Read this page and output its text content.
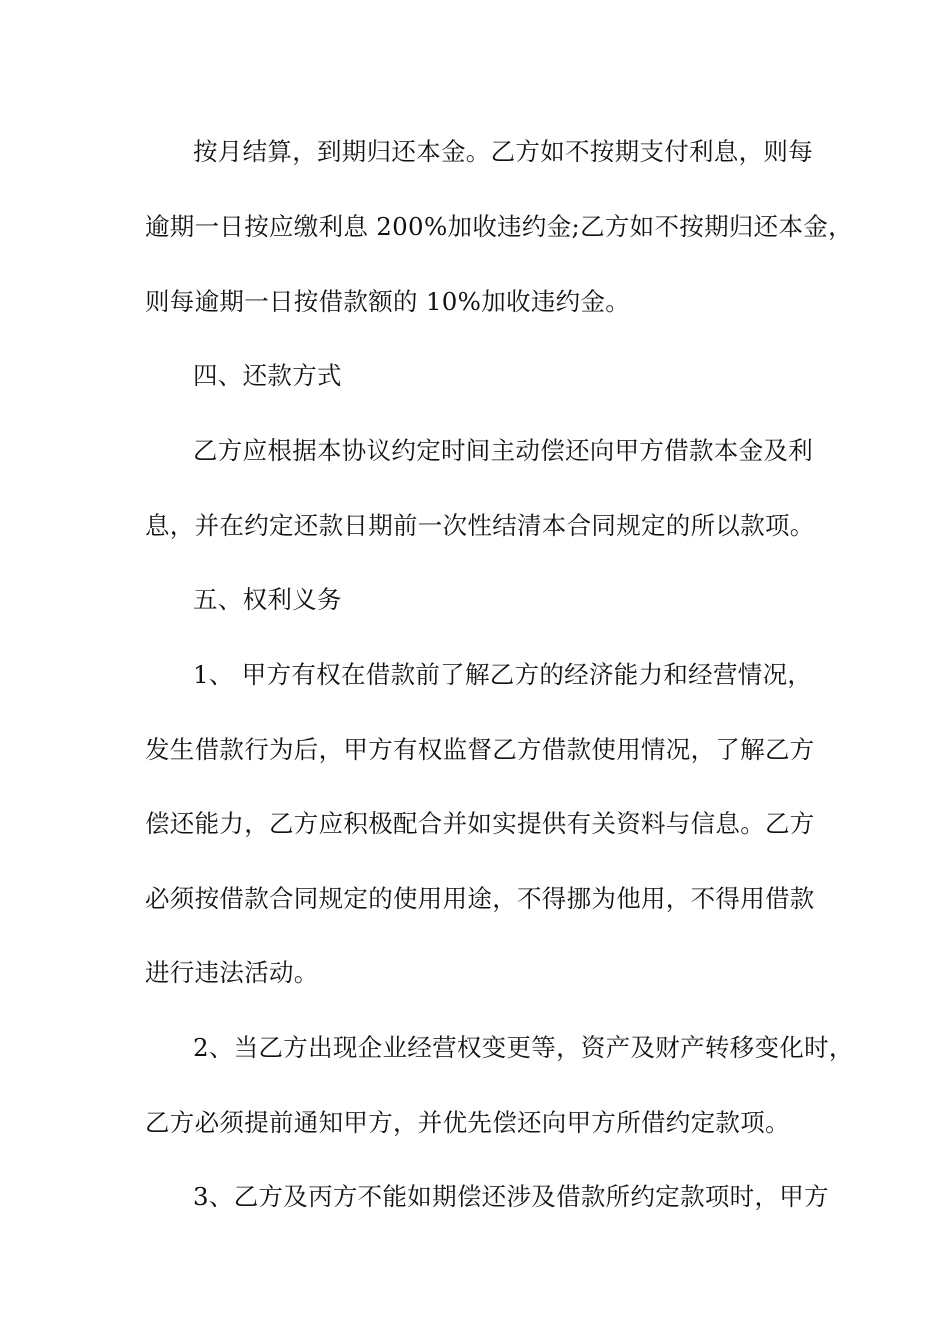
按月结算，到期归还本金。乙方如不按期支付利息，则每
逾期一日按应缴利息 200%加收违约金;乙方如不按期归还本金，
则每逾期一日按借款额的 10%加收违约金。
四、还款方式
乙方应根据本协议约定时间主动偿还向甲方借款本金及利
息，并在约定还款日期前一次性结清本合同规定的所以款项。
五、权利义务
1、 甲方有权在借款前了解乙方的经济能力和经营情况，
发生借款行为后，甲方有权监督乙方借款使用情况，了解乙方
偿还能力，乙方应积极配合并如实提供有关资料与信息。乙方
必须按借款合同规定的使用用途，不得挪为他用，不得用借款
进行违法活动。
2、当乙方出现企业经营权变更等，资产及财产转移变化时，
乙方必须提前通知甲方，并优先偿还向甲方所借约定款项。
3、乙方及丙方不能如期偿还涉及借款所约定款项时，甲方
